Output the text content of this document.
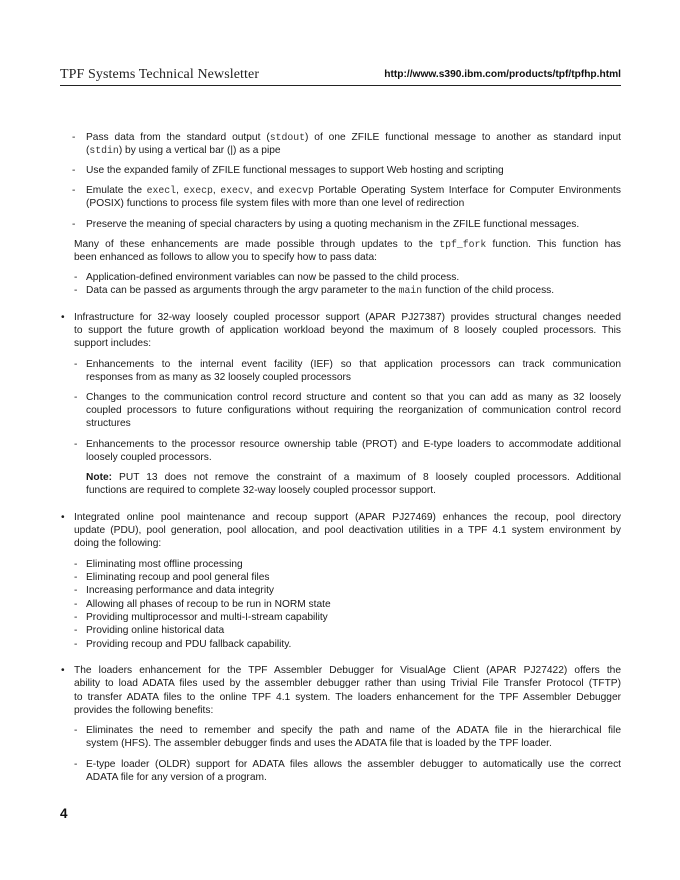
TPF Systems Technical Newsletter	http://www.s390.ibm.com/products/tpf/tpfhp.html
- Pass data from the standard output (stdout) of one ZFILE functional message to another as standard input
(stdin) by using a vertical bar (|) as a pipe
- Use the expanded family of ZFILE functional messages to support Web hosting and scripting
- Emulate the execl, execp, execv, and execvp Portable Operating System Interface for Computer Environments
(POSIX) functions to process file system files with more than one level of redirection
- Preserve the meaning of special characters by using a quoting mechanism in the ZFILE functional messages.
Many of these enhancements are made possible through updates to the tpf_fork function. This function has
been enhanced as follows to allow you to specify how to pass data:
- Application-defined environment variables can now be passed to the child process.
- Data can be passed as arguments through the argv parameter to the main function of the child process.
• Infrastructure for 32-way loosely coupled processor support (APAR PJ27387) provides structural changes needed
to support the future growth of application workload beyond the maximum of 8 loosely coupled processors. This
support includes:
- Enhancements to the internal event facility (IEF) so that application processors can track communication
responses from as many as 32 loosely coupled processors
- Changes to the communication control record structure and content so that you can add as many as 32 loosely
coupled processors to future configurations without requiring the reorganization of communication control record
structures
- Enhancements to the processor resource ownership table (PROT) and E-type loaders to accommodate additional
loosely coupled processors.
Note: PUT 13 does not remove the constraint of a maximum of 8 loosely coupled processors. Additional
functions are required to complete 32-way loosely coupled processor support.
• Integrated online pool maintenance and recoup support (APAR PJ27469) enhances the recoup, pool directory
update (PDU), pool generation, pool allocation, and pool deactivation utilities in a TPF 4.1 system environment by
doing the following:
- Eliminating most offline processing
- Eliminating recoup and pool general files
- Increasing performance and data integrity
- Allowing all phases of recoup to be run in NORM state
- Providing multiprocessor and multi-I-stream capability
- Providing online historical data
- Providing recoup and PDU fallback capability.
• The loaders enhancement for the TPF Assembler Debugger for VisualAge Client (APAR PJ27422) offers the
ability to load ADATA files used by the assembler debugger rather than using Trivial File Transfer Protocol (TFTP)
to transfer ADATA files to the online TPF 4.1 system. The loaders enhancement for the TPF Assembler Debugger
provides the following benefits:
- Eliminates the need to remember and specify the path and name of the ADATA file in the hierarchical file
system (HFS). The assembler debugger finds and uses the ADATA file that is loaded by the TPF loader.
- E-type loader (OLDR) support for ADATA files allows the assembler debugger to automatically use the correct
ADATA file for any version of a program.
4
